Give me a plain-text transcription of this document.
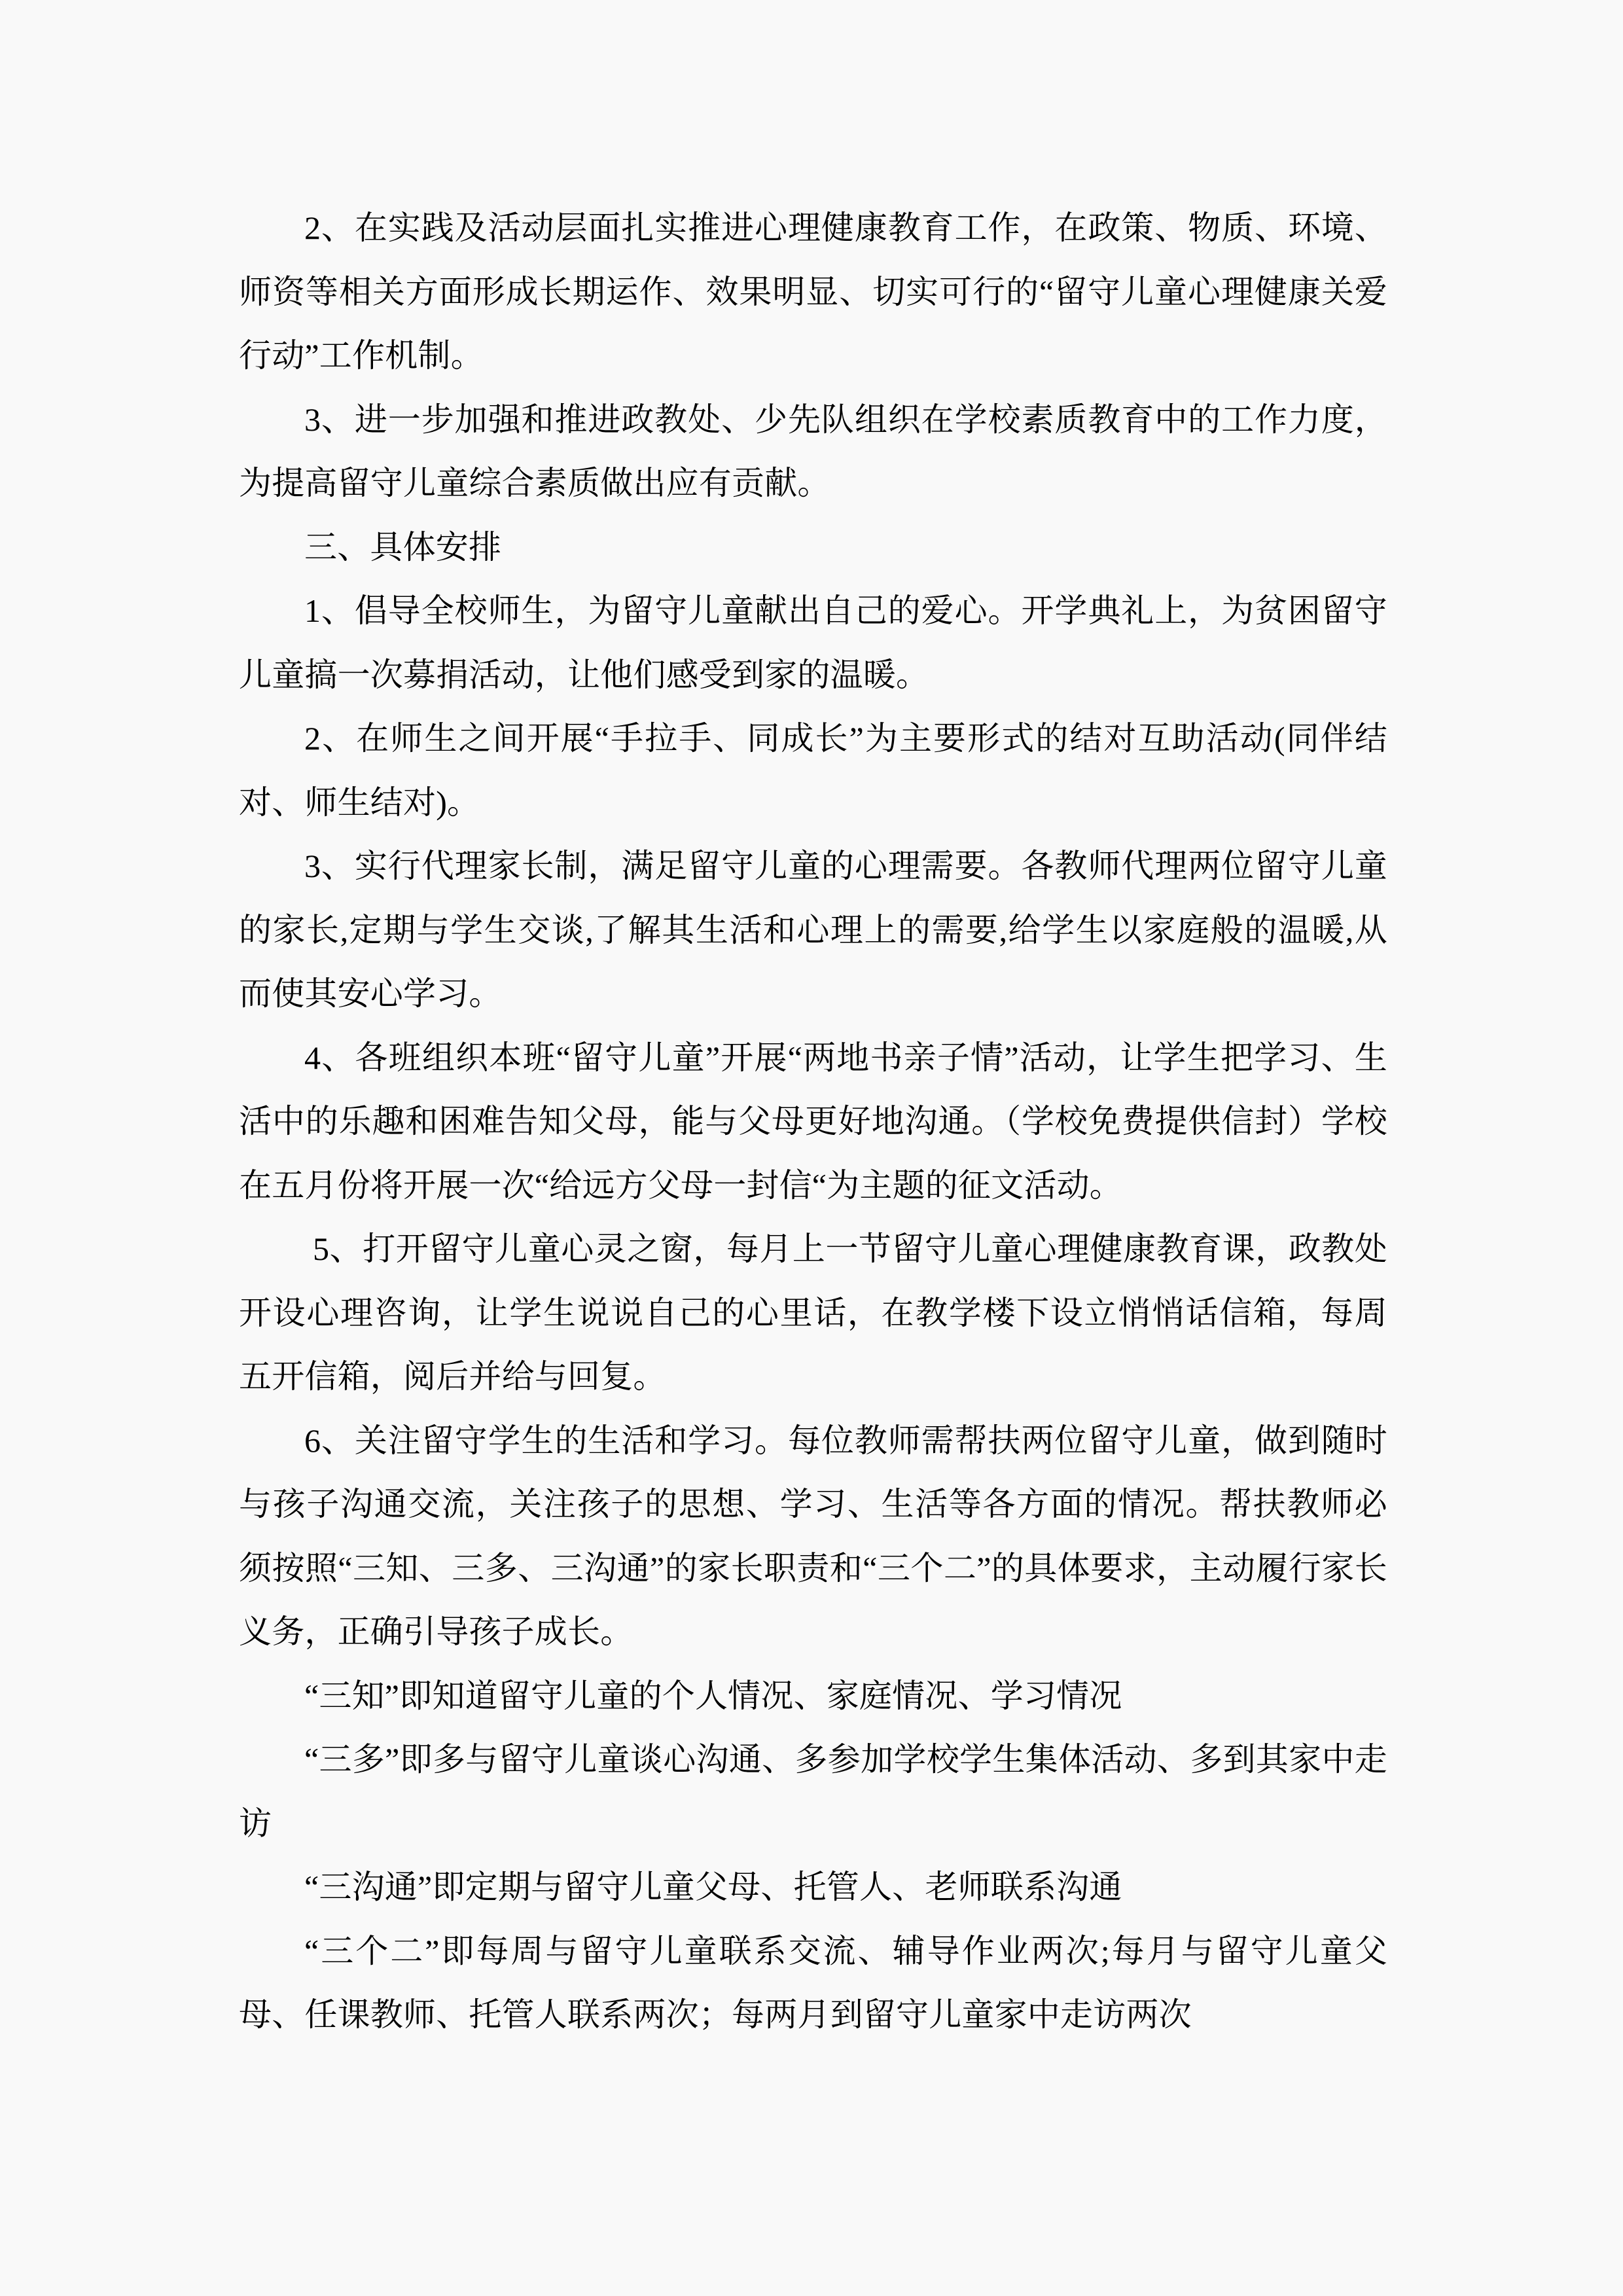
2、在实践及活动层面扎实推进心理健康教育工作，在政策、物质、环境、师资等相关方面形成长期运作、效果明显、切实可行的“留守儿童心理健康关爱行动”工作机制。

3、进一步加强和推进政教处、少先队组织在学校素质教育中的工作力度，为提高留守儿童综合素质做出应有贡献。

三、具体安排

1、倡导全校师生，为留守儿童献出自己的爱心。开学典礼上，为贫困留守儿童搞一次募捐活动，让他们感受到家的温暖。

2、在师生之间开展“手拉手、同成长”为主要形式的结对互助活动(同伴结对、师生结对)。

3、实行代理家长制，满足留守儿童的心理需要。各教师代理两位留守儿童的家长,定期与学生交谈,了解其生活和心理上的需要,给学生以家庭般的温暖,从而使其安心学习。

4、各班组织本班“留守儿童”开展“两地书亲子情”活动，让学生把学习、生活中的乐趣和困难告知父母，能与父母更好地沟通。（学校免费提供信封）学校在五月份将开展一次“给远方父母一封信“为主题的征文活动。

5、打开留守儿童心灵之窗，每月上一节留守儿童心理健康教育课，政教处开设心理咨询，让学生说说自己的心里话，在教学楼下设立悄悄话信箱，每周五开信箱，阅后并给与回复。

6、关注留守学生的生活和学习。每位教师需帮扶两位留守儿童，做到随时与孩子沟通交流，关注孩子的思想、学习、生活等各方面的情况。帮扶教师必须按照“三知、三多、三沟通”的家长职责和“三个二”的具体要求，主动履行家长义务，正确引导孩子成长。

“三知”即知道留守儿童的个人情况、家庭情况、学习情况

“三多”即多与留守儿童谈心沟通、多参加学校学生集体活动、多到其家中走访

“三沟通”即定期与留守儿童父母、托管人、老师联系沟通

“三个二”即每周与留守儿童联系交流、辅导作业两次;每月与留守儿童父母、任课教师、托管人联系两次；每两月到留守儿童家中走访两次
